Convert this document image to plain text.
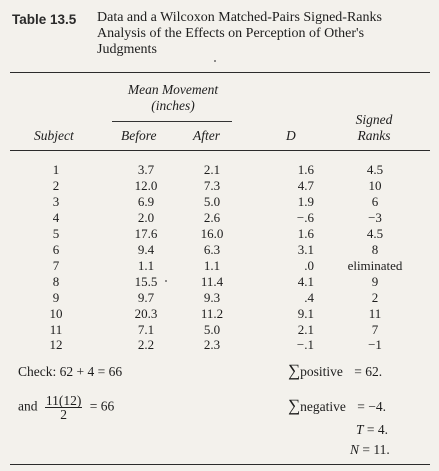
Table 13.5 Data and a Wilcoxon Matched-Pairs Signed-Ranks Analysis of the Effects on Perception of Other's Judgments
Mean Movement (inches)
Signed Ranks
Subject	Before	After	D
1	3.7	2.1	1.6	4.5
2	12.0	7.3	4.7	10
3	6.9	5.0	1.9	6
4	2.0	2.6	−.6	−3
5	17.6	16.0	1.6	4.5
6	9.4	6.3	3.1	8
7	1.1	1.1	.0	eliminated
8	15.5	11.4	4.1	9
9	9.7	9.3	.4	2
10	20.3	11.2	9.1	11
11	7.1	5.0	2.1	7
12	2.2	2.3	−.1	−1
Check: 62 + 4 = 66
and $\frac{11(12)}{2} = 66$
∑positive = 62.
∑negative = −4.
T = 4.
N = 11.
